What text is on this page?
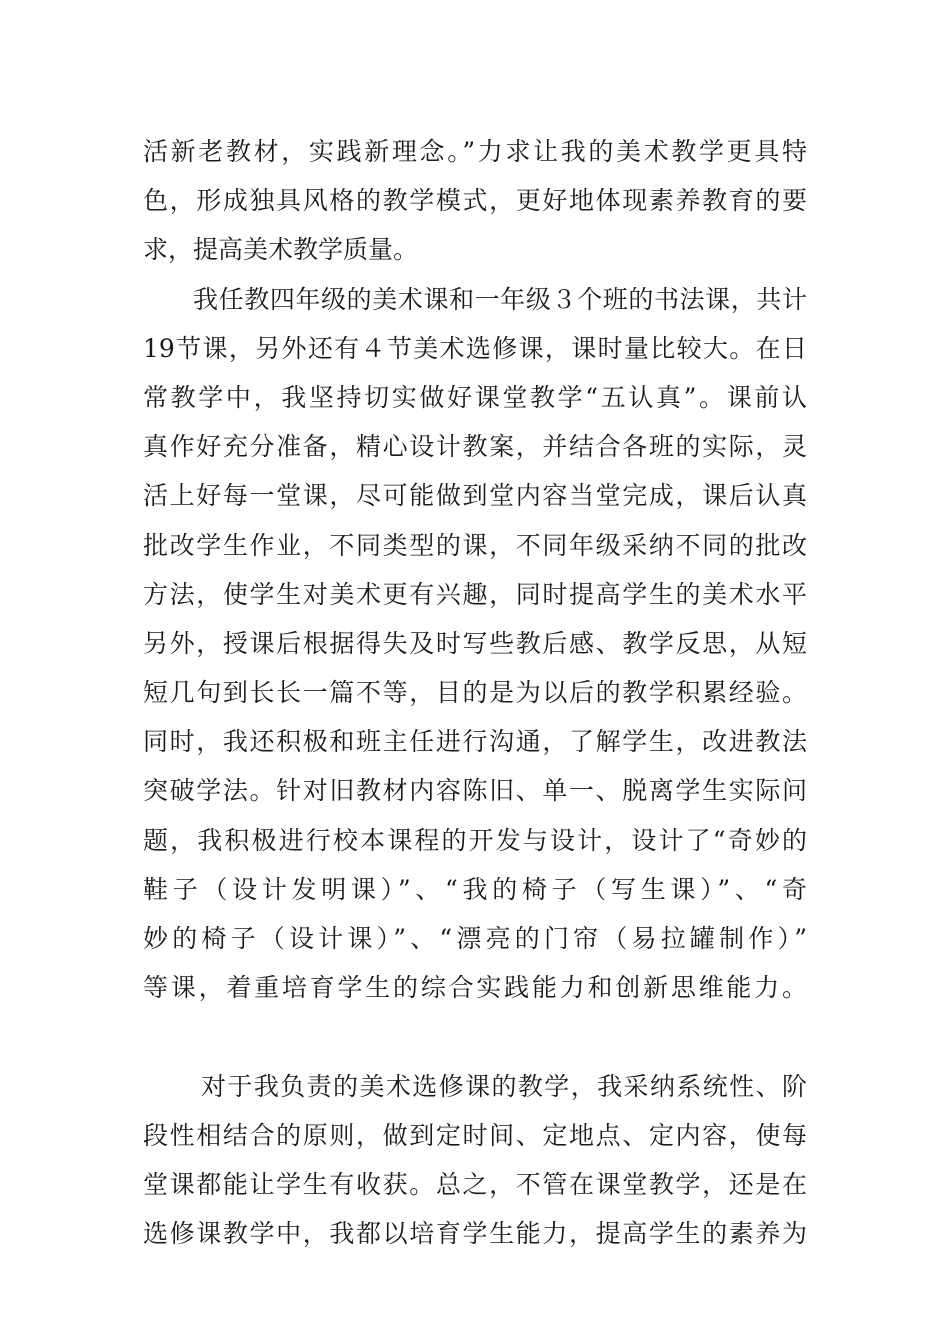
活新老教材，实践新理念。”力求让我的美术教学更具特
色，形成独具风格的教学模式，更好地体现素养教育的要
求，提高美术教学质量。
我任教四年级的美术课和一年级３个班的书法课，共计
19节课，另外还有４节美术选修课，课时量比较大。在日
常教学中，我坚持切实做好课堂教学“五认真”。课前认
真作好充分准备，精心设计教案，并结合各班的实际，灵
活上好每一堂课，尽可能做到堂内容当堂完成，课后认真
批改学生作业，不同类型的课，不同年级采纳不同的批改
方法，使学生对美术更有兴趣，同时提高学生的美术水平
另外，授课后根据得失及时写些教后感、教学反思，从短
短几句到长长一篇不等，目的是为以后的教学积累经验。
同时，我还积极和班主任进行沟通，了解学生，改进教法
突破学法。针对旧教材内容陈旧、单一、脱离学生实际问
题，我积极进行校本课程的开发与设计，设计了“奇妙的
鞋子（设计发明课）”、“我的椅子（写生课）”、“奇
妙的椅子（设计课）”、“漂亮的门帘（易拉罐制作）”
等课，着重培育学生的综合实践能力和创新思维能力。
对于我负责的美术选修课的教学，我采纳系统性、阶
段性相结合的原则，做到定时间、定地点、定内容，使每
堂课都能让学生有收获。总之，不管在课堂教学，还是在
选修课教学中，我都以培育学生能力，提高学生的素养为
